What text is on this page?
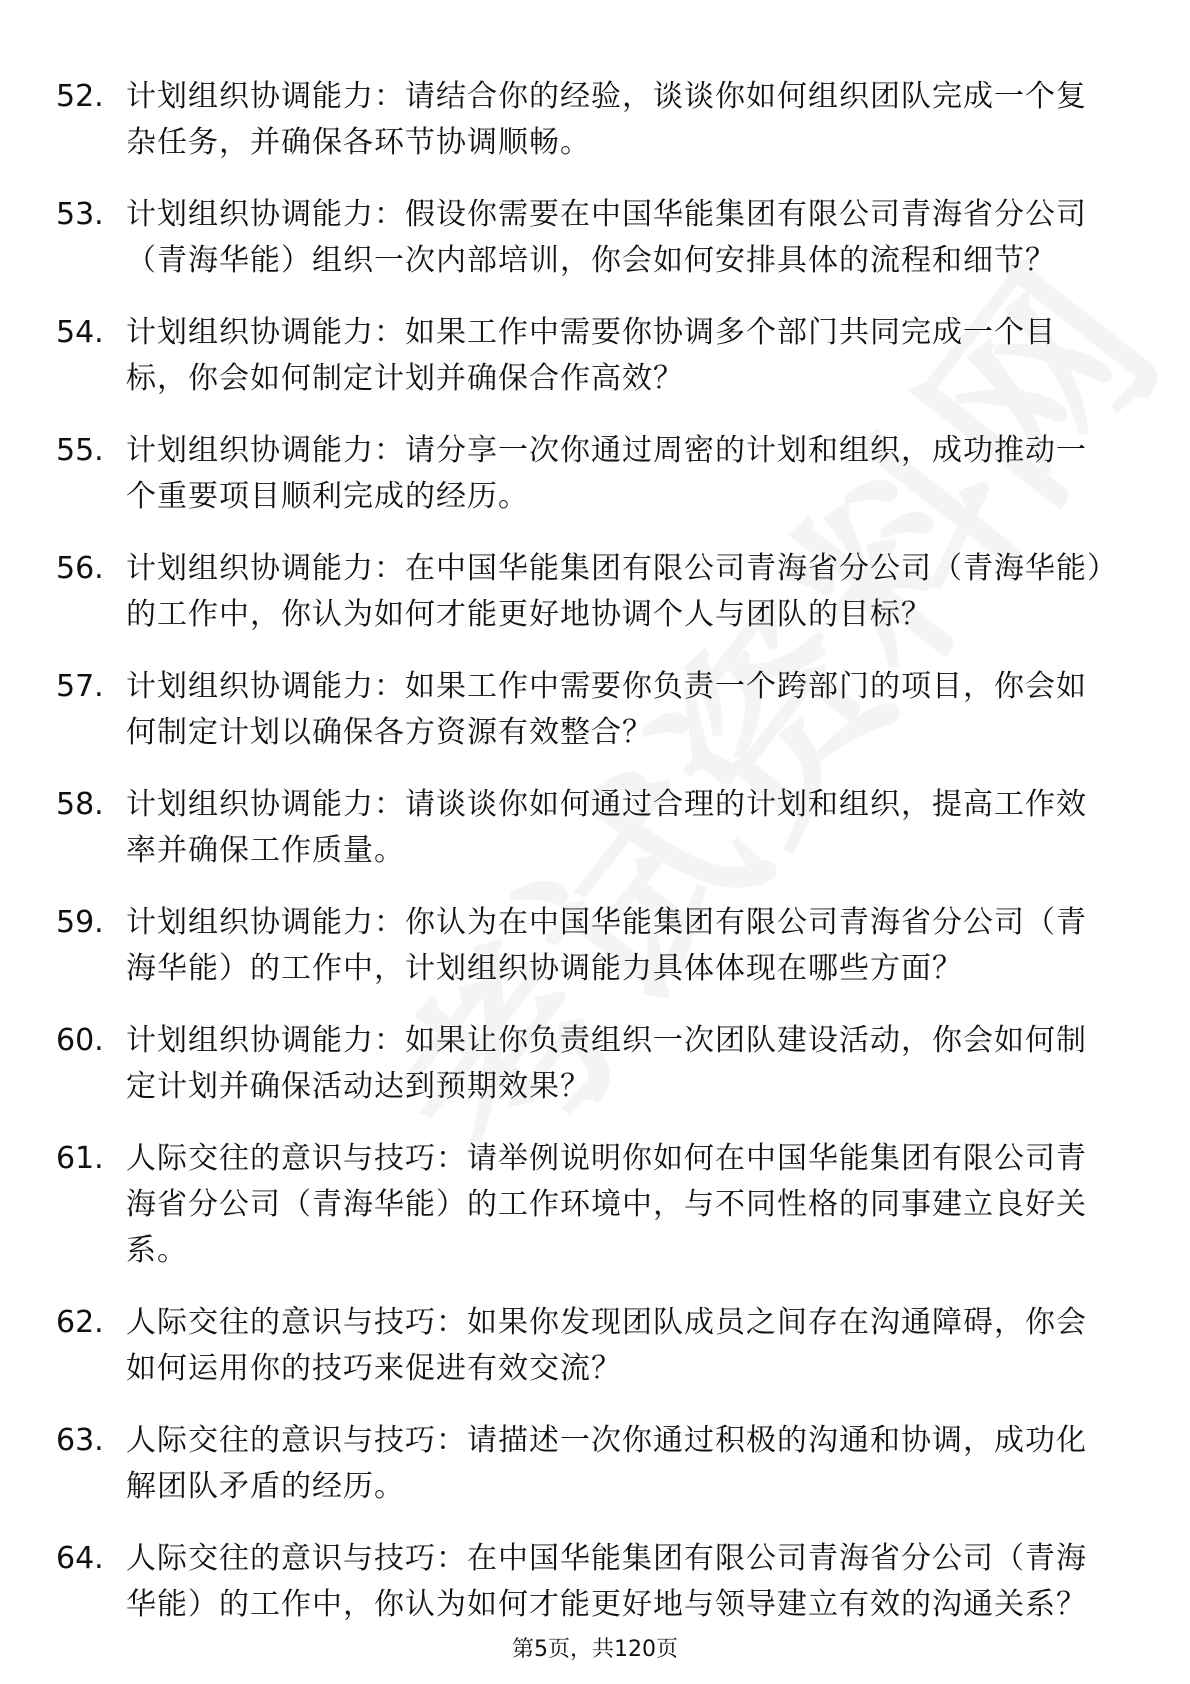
52. 计划组织协调能力：请结合你的经验，谈谈你如何组织团队完成一个复杂任务，并确保各环节协调顺畅。
53. 计划组织协调能力：假设你需要在中国华能集团有限公司青海省分公司（青海华能）组织一次内部培训，你会如何安排具体的流程和细节？
54. 计划组织协调能力：如果工作中需要你协调多个部门共同完成一个目标，你会如何制定计划并确保合作高效？
55. 计划组织协调能力：请分享一次你通过周密的计划和组织，成功推动一个重要项目顺利完成的经历。
56. 计划组织协调能力：在中国华能集团有限公司青海省分公司（青海华能）的工作中，你认为如何才能更好地协调个人与团队的目标？
57. 计划组织协调能力：如果工作中需要你负责一个跨部门的项目，你会如何制定计划以确保各方资源有效整合？
58. 计划组织协调能力：请谈谈你如何通过合理的计划和组织，提高工作效率并确保工作质量。
59. 计划组织协调能力：你认为在中国华能集团有限公司青海省分公司（青海华能）的工作中，计划组织协调能力具体体现在哪些方面？
60. 计划组织协调能力：如果让你负责组织一次团队建设活动，你会如何制定计划并确保活动达到预期效果？
61. 人际交往的意识与技巧：请举例说明你如何在中国华能集团有限公司青海省分公司（青海华能）的工作环境中，与不同性格的同事建立良好关系。
62. 人际交往的意识与技巧：如果你发现团队成员之间存在沟通障碍，你会如何运用你的技巧来促进有效交流？
63. 人际交往的意识与技巧：请描述一次你通过积极的沟通和协调，成功化解团队矛盾的经历。
64. 人际交往的意识与技巧：在中国华能集团有限公司青海省分公司（青海华能）的工作中，你认为如何才能更好地与领导建立有效的沟通关系？
第5页，共120页
